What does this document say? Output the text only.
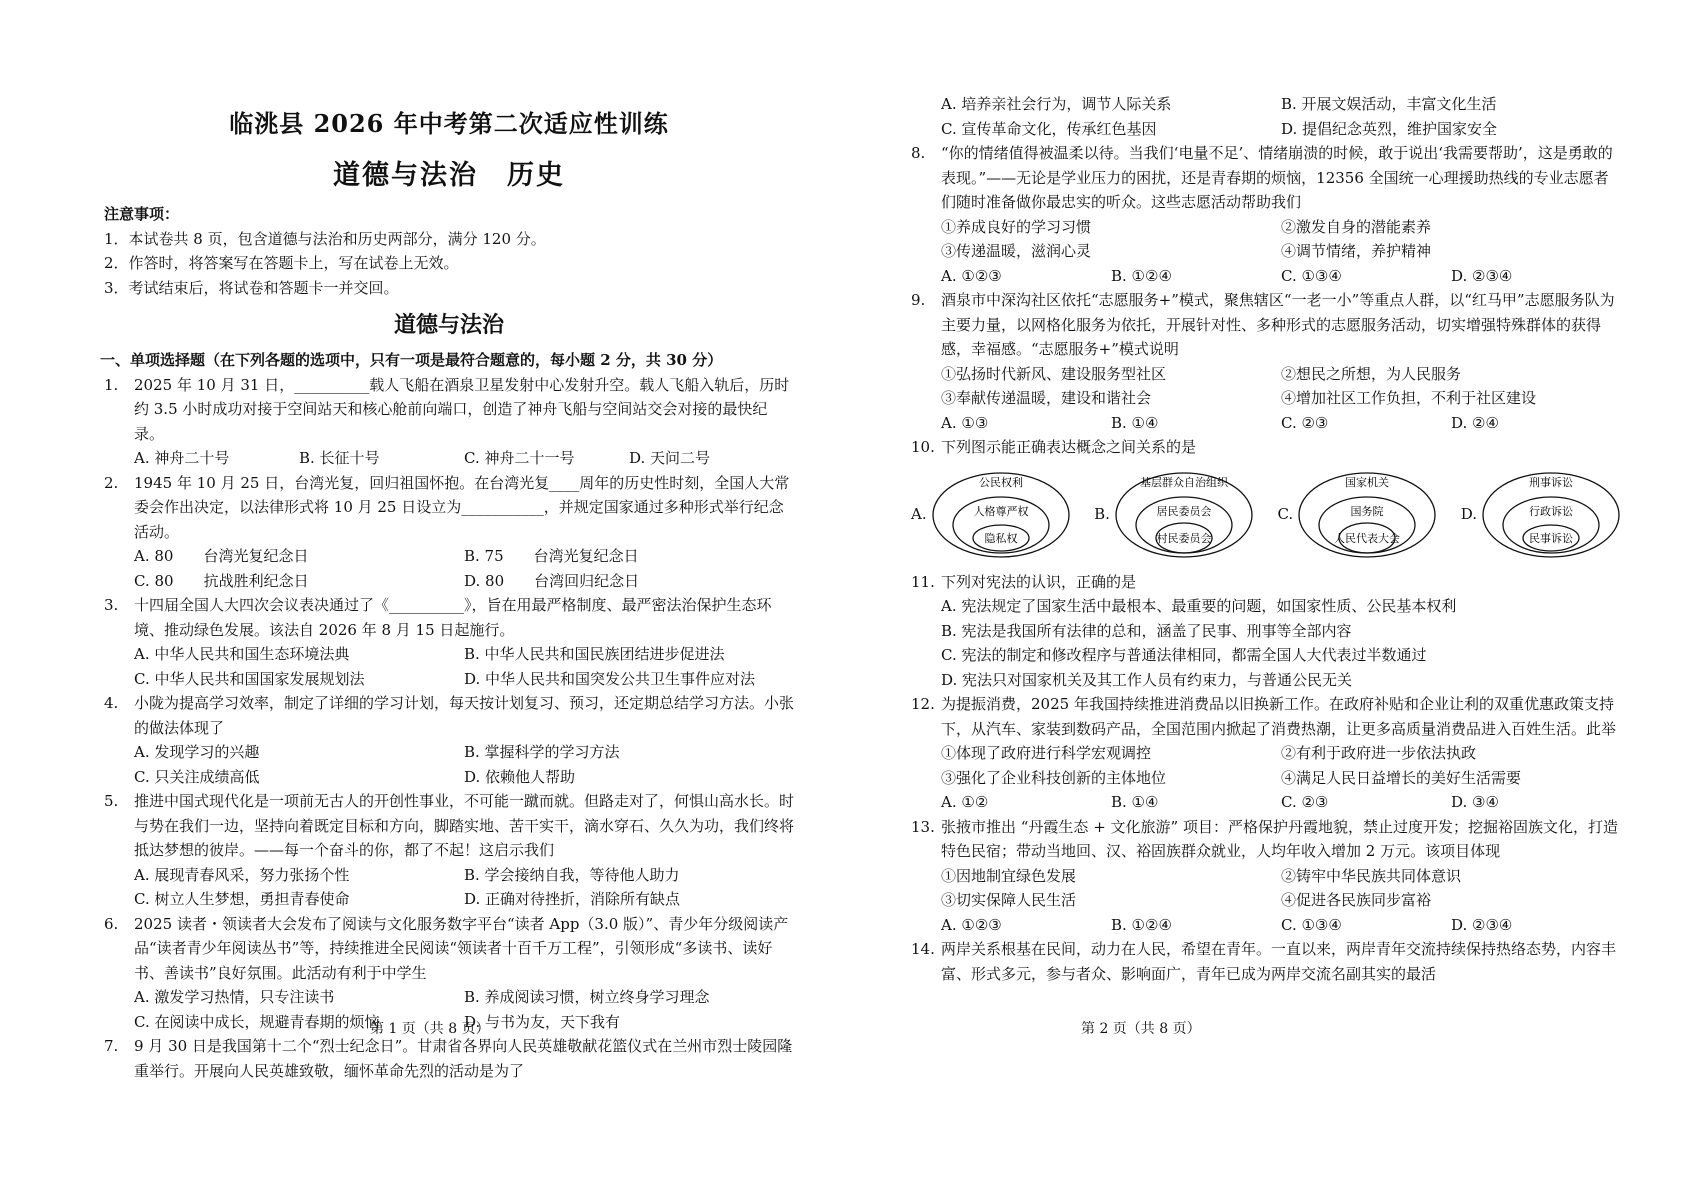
临洮县 2026 年中考第二次适应性训练
道德与法治　历史
注意事项：
1．本试卷共 8 页，包含道德与法治和历史两部分，满分 120 分。
2．作答时，将答案写在答题卡上，写在试卷上无效。
3．考试结束后，将试卷和答题卡一并交回。
道德与法治
一、单项选择题（在下列各题的选项中，只有一项是最符合题意的，每小题 2 分，共 30 分）
1. 2025 年 10 月 31 日，__________载人飞船在酒泉卫星发射中心发射升空。载人飞船入轨后，历时约 3.5 小时成功对接于空间站天和核心舱前向端口，创造了神舟飞船与空间站交会对接的最快纪录。
A. 神舟二十号	B. 长征十号	C. 神舟二十一号	D. 天问二号
2. 1945 年 10 月 25 日，台湾光复，回归祖国怀抱。在台湾光复____周年的历史性时刻，全国人大常委会作出决定，以法律形式将 10 月 25 日设立为___________，并规定国家通过多种形式举行纪念活动。
A. 80　　台湾光复纪念日	B. 75　　台湾光复纪念日
C. 80　　抗战胜利纪念日	D. 80　　台湾回归纪念日
3. 十四届全国人大四次会议表决通过了《__________》，旨在用最严格制度、最严密法治保护生态环境、推动绿色发展。该法自 2026 年 8 月 15 日起施行。
A. 中华人民共和国生态环境法典	B. 中华人民共和国民族团结进步促进法
C. 中华人民共和国国家发展规划法	D. 中华人民共和国突发公共卫生事件应对法
4. 小陇为提高学习效率，制定了详细的学习计划，每天按计划复习、预习，还定期总结学习方法。小张的做法体现了
A. 发现学习的兴趣	B. 掌握科学的学习方法
C. 只关注成绩高低	D. 依赖他人帮助
5. 推进中国式现代化是一项前无古人的开创性事业，不可能一蹴而就。但路走对了，何惧山高水长。时与势在我们一边，坚持向着既定目标和方向，脚踏实地、苦干实干，滴水穿石、久久为功，我们终将抵达梦想的彼岸。——每一个奋斗的你，都了不起！这启示我们
A. 展现青春风采，努力张扬个性	B. 学会接纳自我，等待他人助力
C. 树立人生梦想，勇担青春使命	D. 正确对待挫折，消除所有缺点
6. 2025 读者・领读者大会发布了阅读与文化服务数字平台“读者 App（3.0 版）”、青少年分级阅读产品“读者青少年阅读丛书”等，持续推进全民阅读“领读者十百千万工程”，引领形成“多读书、读好书、善读书”良好氛围。此活动有利于中学生
A. 激发学习热情，只专注读书	B. 养成阅读习惯，树立终身学习理念
C. 在阅读中成长，规避青春期的烦恼	D. 与书为友，天下我有
7. 9 月 30 日是我国第十二个“烈士纪念日”。甘肃省各界向人民英雄敬献花篮仪式在兰州市烈士陵园隆重举行。开展向人民英雄致敬，缅怀革命先烈的活动是为了
第 1 页（共 8 页）
A. 培养亲社会行为，调节人际关系	B. 开展文娱活动，丰富文化生活
C. 宣传革命文化，传承红色基因	D. 提倡纪念英烈，维护国家安全
8. “你的情绪值得被温柔以待。当我们‘电量不足’、情绪崩溃的时候，敢于说出‘我需要帮助’，这是勇敢的表现。”——无论是学业压力的困扰，还是青春期的烦恼，12356 全国统一心理援助热线的专业志愿者们随时准备做你最忠实的听众。这些志愿活动帮助我们
①养成良好的学习习惯	②激发自身的潜能素养
③传递温暖，滋润心灵	④调节情绪，养护精神
A. ①②③	B. ①②④	C. ①③④	D. ②③④
9. 酒泉市中深沟社区依托“志愿服务+”模式，聚焦辖区“一老一小”等重点人群，以“红马甲”志愿服务队为主要力量，以网格化服务为依托，开展针对性、多种形式的志愿服务活动，切实增强特殊群体的获得感，幸福感。“志愿服务+”模式说明
①弘扬时代新风、建设服务型社区	②想民之所想，为人民服务
③奉献传递温暖，建设和谐社会	④增加社区工作负担，不利于社区建设
A. ①③	B. ①④	C. ②③	D. ②④
10. 下列图示能正确表达概念之间关系的是
A.
公民权利
人格尊严权
隐私权
B.
基层群众自治组织
居民委员会
村民委员会
C.
国家机关
国务院
人民代表大会
D.
刑事诉讼
行政诉讼
民事诉讼
11. 下列对宪法的认识，正确的是
A. 宪法规定了国家生活中最根本、最重要的问题，如国家性质、公民基本权利
B. 宪法是我国所有法律的总和，涵盖了民事、刑事等全部内容
C. 宪法的制定和修改程序与普通法律相同，都需全国人大代表过半数通过
D. 宪法只对国家机关及其工作人员有约束力，与普通公民无关
12. 为提振消费，2025 年我国持续推进消费品以旧换新工作。在政府补贴和企业让利的双重优惠政策支持下，从汽车、家装到数码产品，全国范围内掀起了消费热潮，让更多高质量消费品进入百姓生活。此举
①体现了政府进行科学宏观调控	②有利于政府进一步依法执政
③强化了企业科技创新的主体地位	④满足人民日益增长的美好生活需要
A. ①②	B. ①④	C. ②③	D. ③④
13. 张掖市推出 “丹霞生态 + 文化旅游” 项目：严格保护丹霞地貌，禁止过度开发；挖掘裕固族文化，打造特色民宿；带动当地回、汉、裕固族群众就业，人均年收入增加 2 万元。该项目体现
①因地制宜绿色发展	②铸牢中华民族共同体意识
③切实保障人民生活	④促进各民族同步富裕
A. ①②③	B. ①②④	C. ①③④	D. ②③④
14. 两岸关系根基在民间，动力在人民，希望在青年。一直以来，两岸青年交流持续保持热络态势，内容丰富、形式多元，参与者众、影响面广，青年已成为两岸交流名副其实的最活
第 2 页（共 8 页）
